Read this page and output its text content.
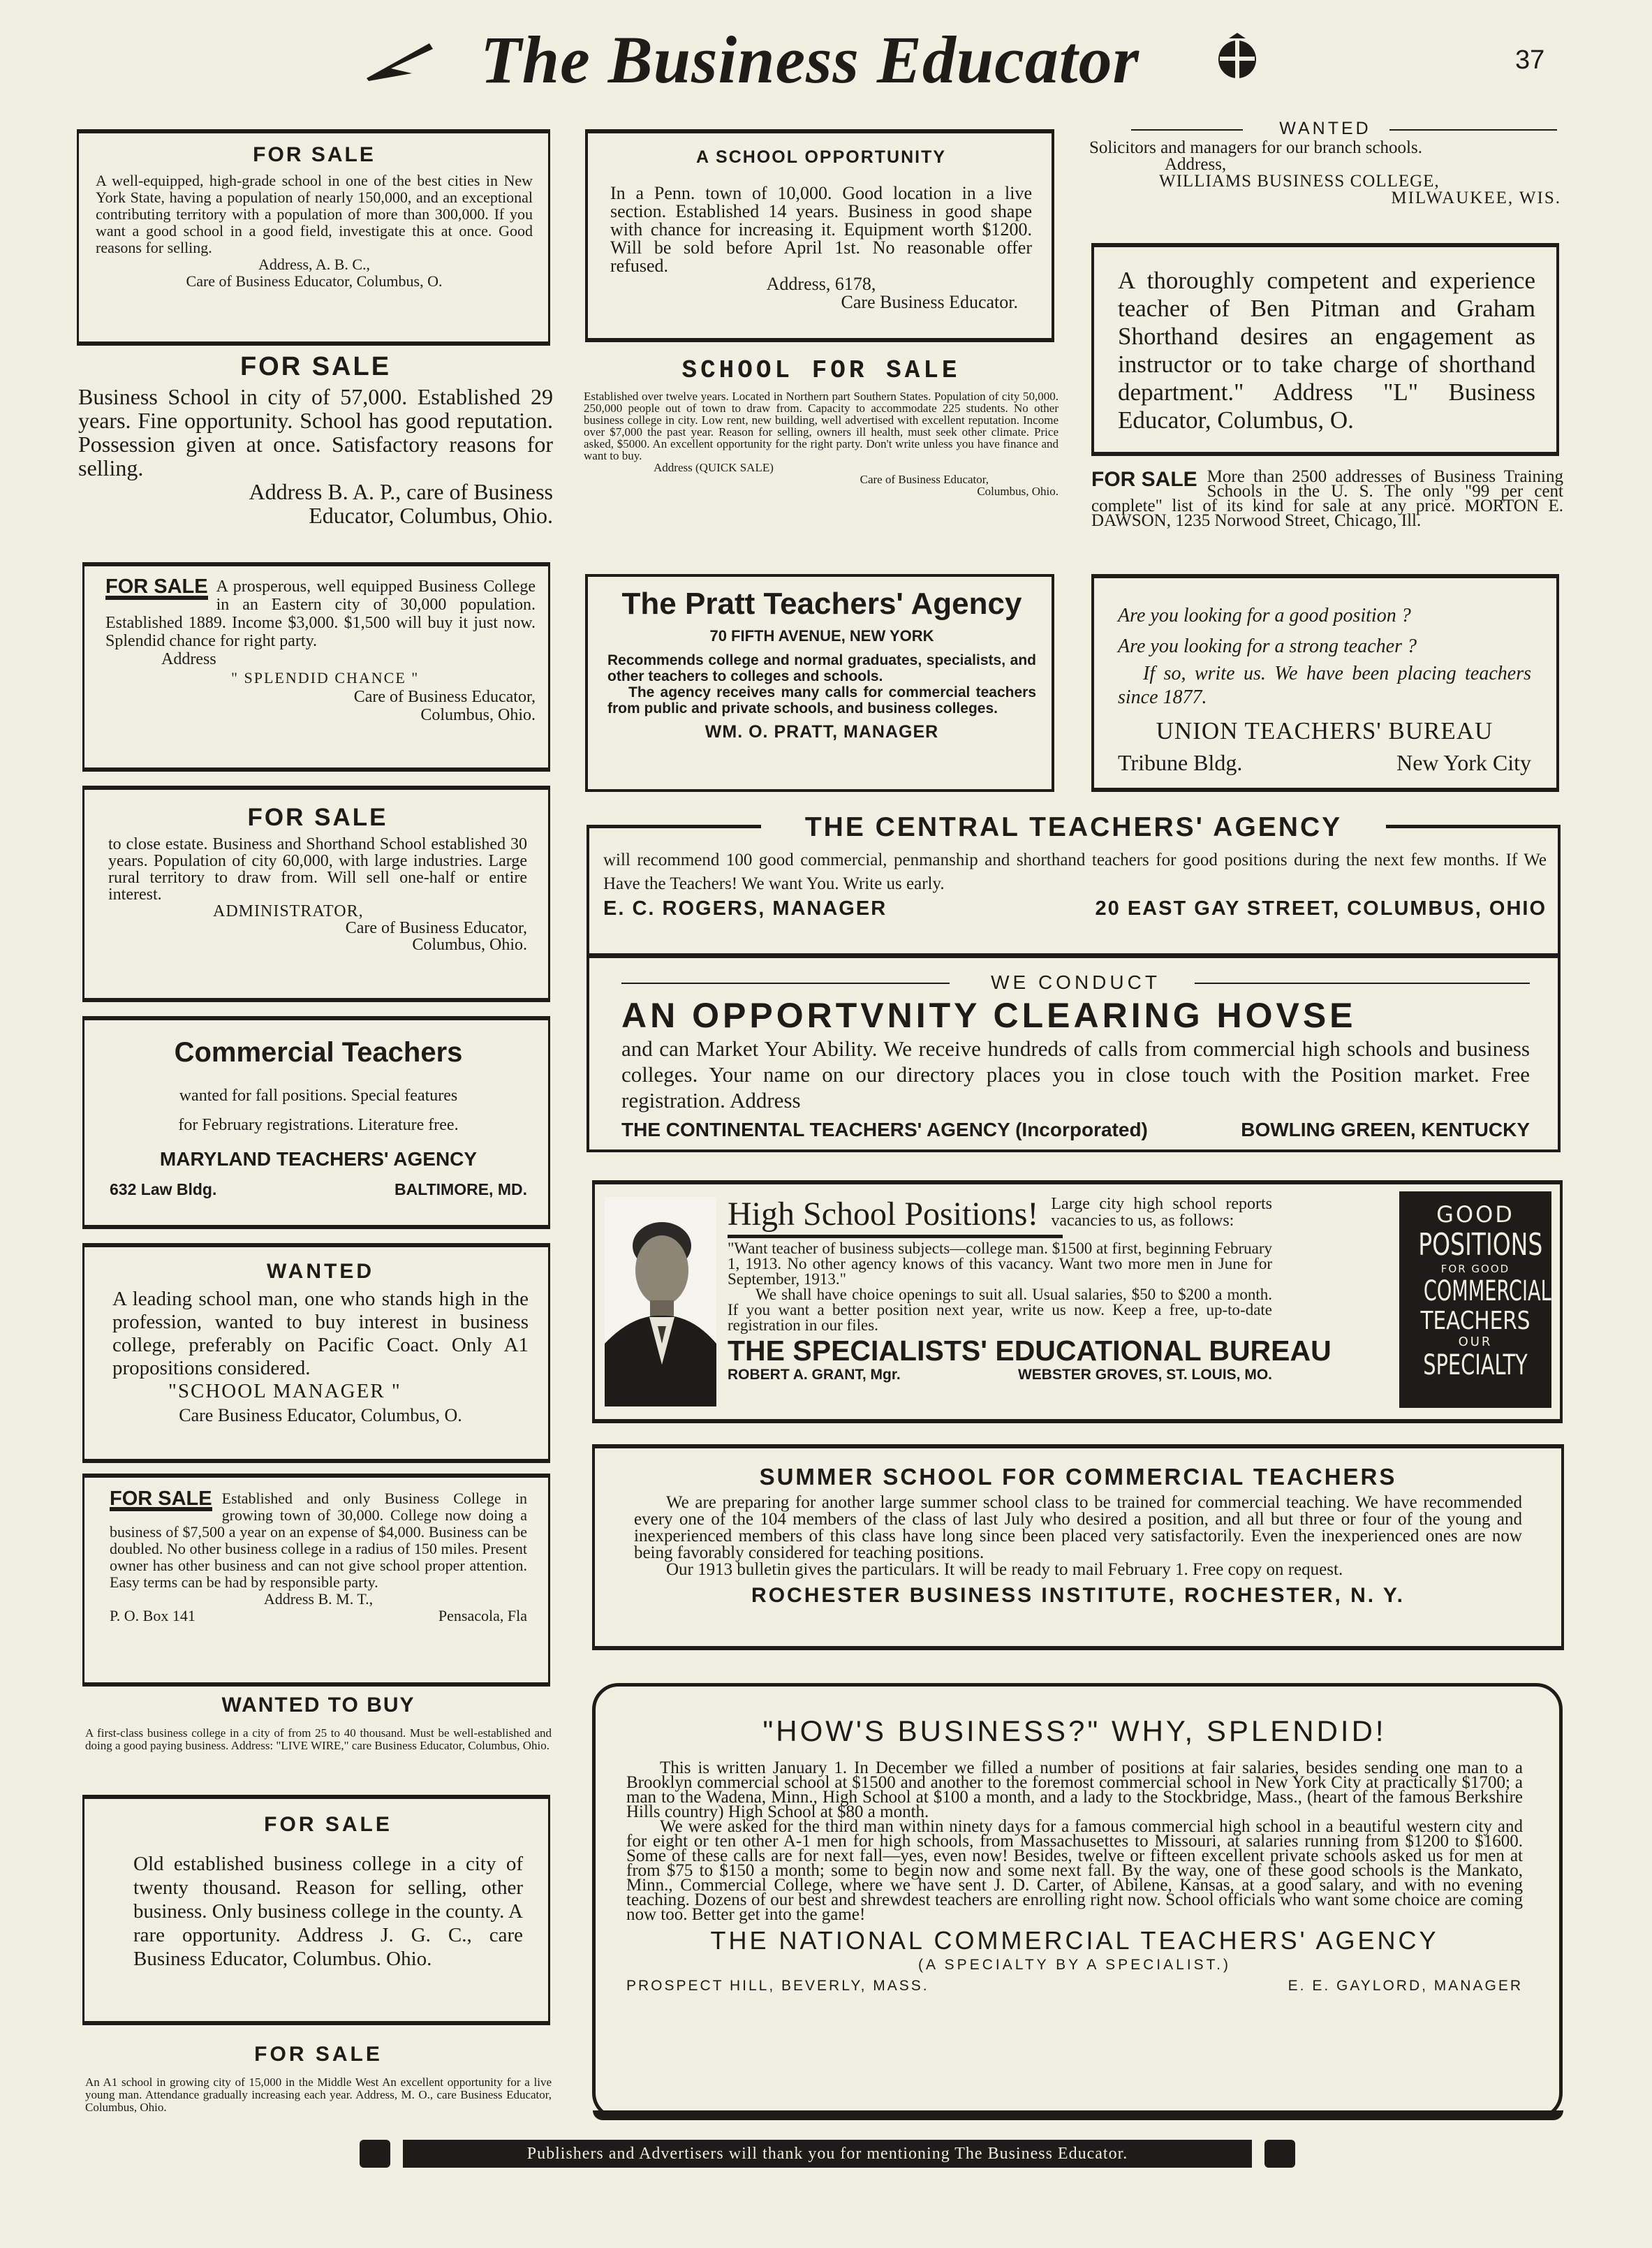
The Business Educator	37

FOR SALE

A well-equipped, high-grade school in one of the best cities in New York State, having a population of nearly 150,000, and an exceptional contributing territory with a population of more than 300,000. If you want a good school in a good field, investigate this at once. Good reasons for selling.

Address, A. B. C.,

Care of Business Educator, Columbus, O.

FOR SALE

Business School in city of 57,000. Established 29 years. Fine opportunity. School has good reputation. Possession given at once. Satisfactory reasons for selling.

Address B. A. P., care of Business

Educator, Columbus, Ohio.

FOR SALE A prosperous, well equipped Business College in an Eastern city of 30,000 population. Established 1889. Income $3,000. $1,500 will buy it just now. Splendid chance for right party.

Address

" SPLENDID CHANCE "

Care of Business Educator,

Columbus, Ohio.

FOR SALE

to close estate. Business and Shorthand School established 30 years. Population of city 60,000, with large industries. Large rural territory to draw from. Will sell one-half or entire interest.

ADMINISTRATOR,

Care of Business Educator,

Columbus, Ohio.

Commercial Teachers

wanted for fall positions. Special features

for February registrations. Literature free.

MARYLAND TEACHERS' AGENCY

632 Law Bldg.	BALTIMORE, MD.

WANTED

A leading school man, one who stands high in the profession, wanted to buy interest in business college, preferably on Pacific Coact. Only A1 propositions considered.

"SCHOOL MANAGER "

Care Business Educator, Columbus, O.

FOR SALE Established and only Business College in growing town of 30,000. College now doing a business of $7,500 a year on an expense of $4,000. Business can be doubled. No other business college in a radius of 150 miles. Present owner has other business and can not give school proper attention. Easy terms can be had by responsible party.

Address B. M. T.,

P. O. Box 141	Pensacola, Fla

WANTED TO BUY

A first-class business college in a city of from 25 to 40 thousand. Must be well-established and doing a good paying business. Address: "LIVE WIRE," care Business Educator, Columbus, Ohio.

FOR SALE

Old established business college in a city of twenty thousand. Reason for selling, other business. Only business college in the county. A rare opportunity. Address J. G. C., care Business Educator, Columbus. Ohio.

FOR SALE

An A1 school in growing city of 15,000 in the Middle West An excellent opportunity for a live young man. Attendance gradually increasing each year. Address, M. O., care Business Educator, Columbus, Ohio.

A SCHOOL OPPORTUNITY

In a Penn. town of 10,000. Good location in a live section. Established 14 years. Business in good shape with chance for increasing it. Equipment worth $1200. Will be sold before April 1st. No reasonable offer refused.

Address, 6178,

Care Business Educator.

SCHOOL FOR SALE

Established over twelve years. Located in Northern part Southern States. Population of city 50,000. 250,000 people out of town to draw from. Capacity to accommodate 225 students. No other business college in city. Low rent, new building, well advertised with excellent reputation. Income over $7,000 the past year. Reason for selling, owners ill health, must seek other climate. Price asked, $5000. An excellent opportunity for the right party. Don't write unless you have finance and want to buy.

Address (QUICK SALE)

Care of Business Educator,

Columbus, Ohio.

The Pratt Teachers' Agency

70 FIFTH AVENUE, NEW YORK

Recommends college and normal graduates, specialists, and other teachers to colleges and schools.

The agency receives many calls for commercial teachers from public and private schools, and business colleges.

WM. O. PRATT, MANAGER

WANTED

Solicitors and managers for our branch schools.

Address,

WILLIAMS BUSINESS COLLEGE,

MILWAUKEE, WIS.

A thoroughly competent and experience teacher of Ben Pitman and Graham Shorthand desires an engagement as instructor or to take charge of shorthand department." Address "L" Business Educator, Columbus, O.

FOR SALE More than 2500 addresses of Business Training Schools in the U. S. The only "99 per cent complete" list of its kind for sale at any price. MORTON E. DAWSON, 1235 Norwood Street, Chicago, Ill.

Are you looking for a good position ?

Are you looking for a strong teacher ?

If so, write us. We have been placing teachers since 1877.

UNION TEACHERS' BUREAU

Tribune Bldg.	New York City

THE CENTRAL TEACHERS' AGENCY

will recommend 100 good commercial, penmanship and shorthand teachers for good positions during the next few months. If We Have the Teachers! We want You. Write us early.

E. C. ROGERS, MANAGER	20 EAST GAY STREET, COLUMBUS, OHIO

WE CONDUCT

AN OPPORTVNITY CLEARING HOVSE

and can Market Your Ability. We receive hundreds of calls from commercial high schools and business colleges. Your name on our directory places you in close touch with the Position market. Free registration. Address

THE CONTINENTAL TEACHERS' AGENCY (Incorporated)	BOWLING GREEN, KENTUCKY
High School Positions! Large city high school reports vacancies to us, as follows:

"Want teacher of business subjects—college man. $1500 at first, beginning February 1, 1913. No other agency knows of this vacancy. Want two more men in June for September, 1913."

We shall have choice openings to suit all. Usual salaries, $50 to $200 a month. If you want a better position next year, write us now. Keep a free, up-to-date registration in our files.

THE SPECIALISTS' EDUCATIONAL BUREAU

ROBERT A. GRANT, Mgr.	WEBSTER GROVES, ST. LOUIS, MO.

GOOD

POSITIONS

FOR GOOD

COMMERCIAL

TEACHERS

OUR

SPECIALTY

SUMMER SCHOOL FOR COMMERCIAL TEACHERS

We are preparing for another large summer school class to be trained for commercial teaching. We have recommended every one of the 104 members of the class of last July who desired a position, and all but three or four of the young and inexperienced members of this class have long since been placed very satisfactorily. Even the inexperienced ones are now being favorably considered for teaching positions.

Our 1913 bulletin gives the particulars. It will be ready to mail February 1. Free copy on request.

ROCHESTER BUSINESS INSTITUTE, ROCHESTER, N. Y.

"HOW'S BUSINESS?" WHY, SPLENDID!

This is written January 1. In December we filled a number of positions at fair salaries, besides sending one man to a Brooklyn commercial school at $1500 and another to the foremost commercial school in New York City at practically $1700; a man to the Wadena, Minn., High School at $100 a month, and a lady to the Stockbridge, Mass., (heart of the famous Berkshire Hills country) High School at $80 a month.

We were asked for the third man within ninety days for a famous commercial high school in a beautiful western city and for eight or ten other A-1 men for high schools, from Massachusettes to Missouri, at salaries running from $1200 to $1600. Some of these calls are for next fall—yes, even now! Besides, twelve or fifteen excellent private schools asked us for men at from $75 to $150 a month; some to begin now and some next fall. By the way, one of these good schools is the Mankato, Minn., Commercial College, where we have sent J. D. Carter, of Abilene, Kansas, at a good salary, and with no evening teaching. Dozens of our best and shrewdest teachers are enrolling right now. School officials who want some choice are coming now too. Better get into the game!

THE NATIONAL COMMERCIAL TEACHERS' AGENCY

(A SPECIALTY BY A SPECIALIST.)

PROSPECT HILL, BEVERLY, MASS.	E. E. GAYLORD, MANAGER
Publishers and Advertisers will thank you for mentioning The Business Educator.
